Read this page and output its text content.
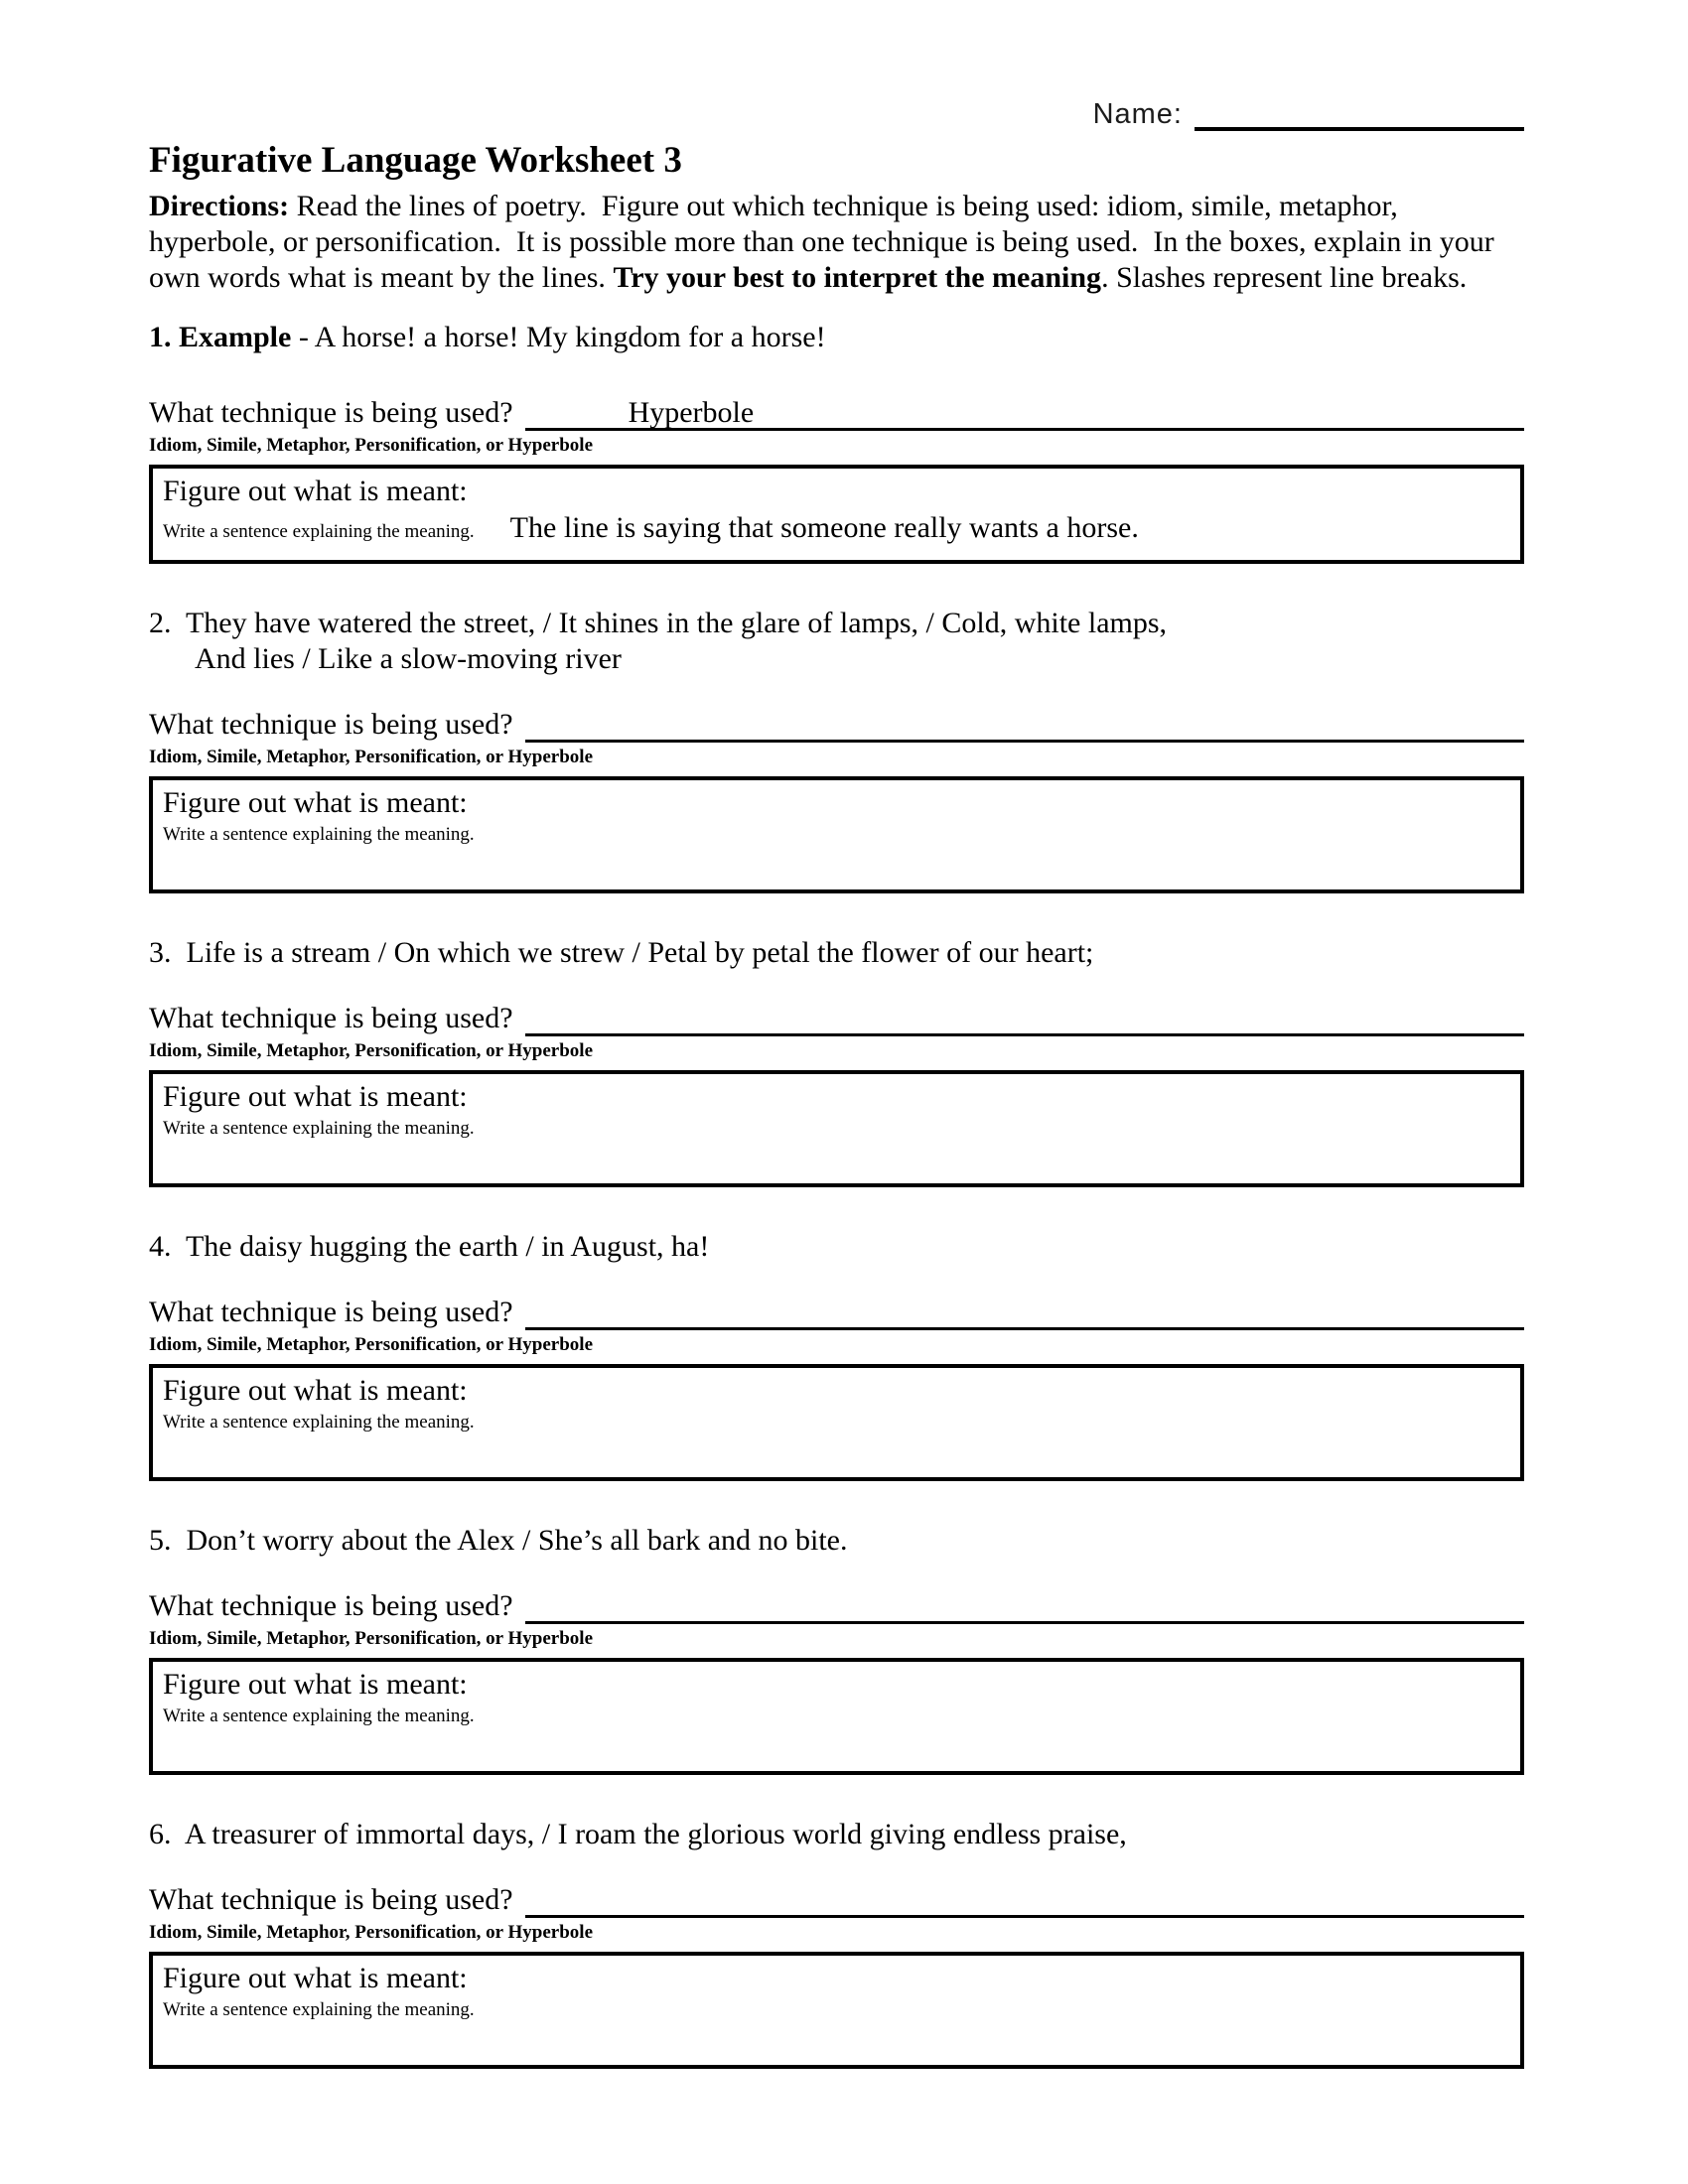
Name:
Figurative Language Worksheet 3
Directions: Read the lines of poetry.  Figure out which technique is being used: idiom, simile, metaphor,
hyperbole, or personification.  It is possible more than one technique is being used.  In the boxes, explain in your
own words what is meant by the lines. Try your best to interpret the meaning. Slashes represent line breaks.
1. Example - A horse! a horse! My kingdom for a horse!
What technique is being used?	Hyperbole
Idiom, Simile, Metaphor, Personification, or Hyperbole
Figure out what is meant:
Write a sentence explaining the meaning. The line is saying that someone really wants a horse.
2.  They have watered the street, / It shines in the glare of lamps, / Cold, white lamps,
And lies / Like a slow-moving river
What technique is being used?
Idiom, Simile, Metaphor, Personification, or Hyperbole
Figure out what is meant:
Write a sentence explaining the meaning.
3.  Life is a stream / On which we strew / Petal by petal the flower of our heart;
What technique is being used?
Idiom, Simile, Metaphor, Personification, or Hyperbole
Figure out what is meant:
Write a sentence explaining the meaning.
4.  The daisy hugging the earth / in August, ha!
What technique is being used?
Idiom, Simile, Metaphor, Personification, or Hyperbole
Figure out what is meant:
Write a sentence explaining the meaning.
5.  Don’t worry about the Alex / She’s all bark and no bite.
What technique is being used?
Idiom, Simile, Metaphor, Personification, or Hyperbole
Figure out what is meant:
Write a sentence explaining the meaning.
6.  A treasurer of immortal days, / I roam the glorious world giving endless praise,
What technique is being used?
Idiom, Simile, Metaphor, Personification, or Hyperbole
Figure out what is meant:
Write a sentence explaining the meaning.
